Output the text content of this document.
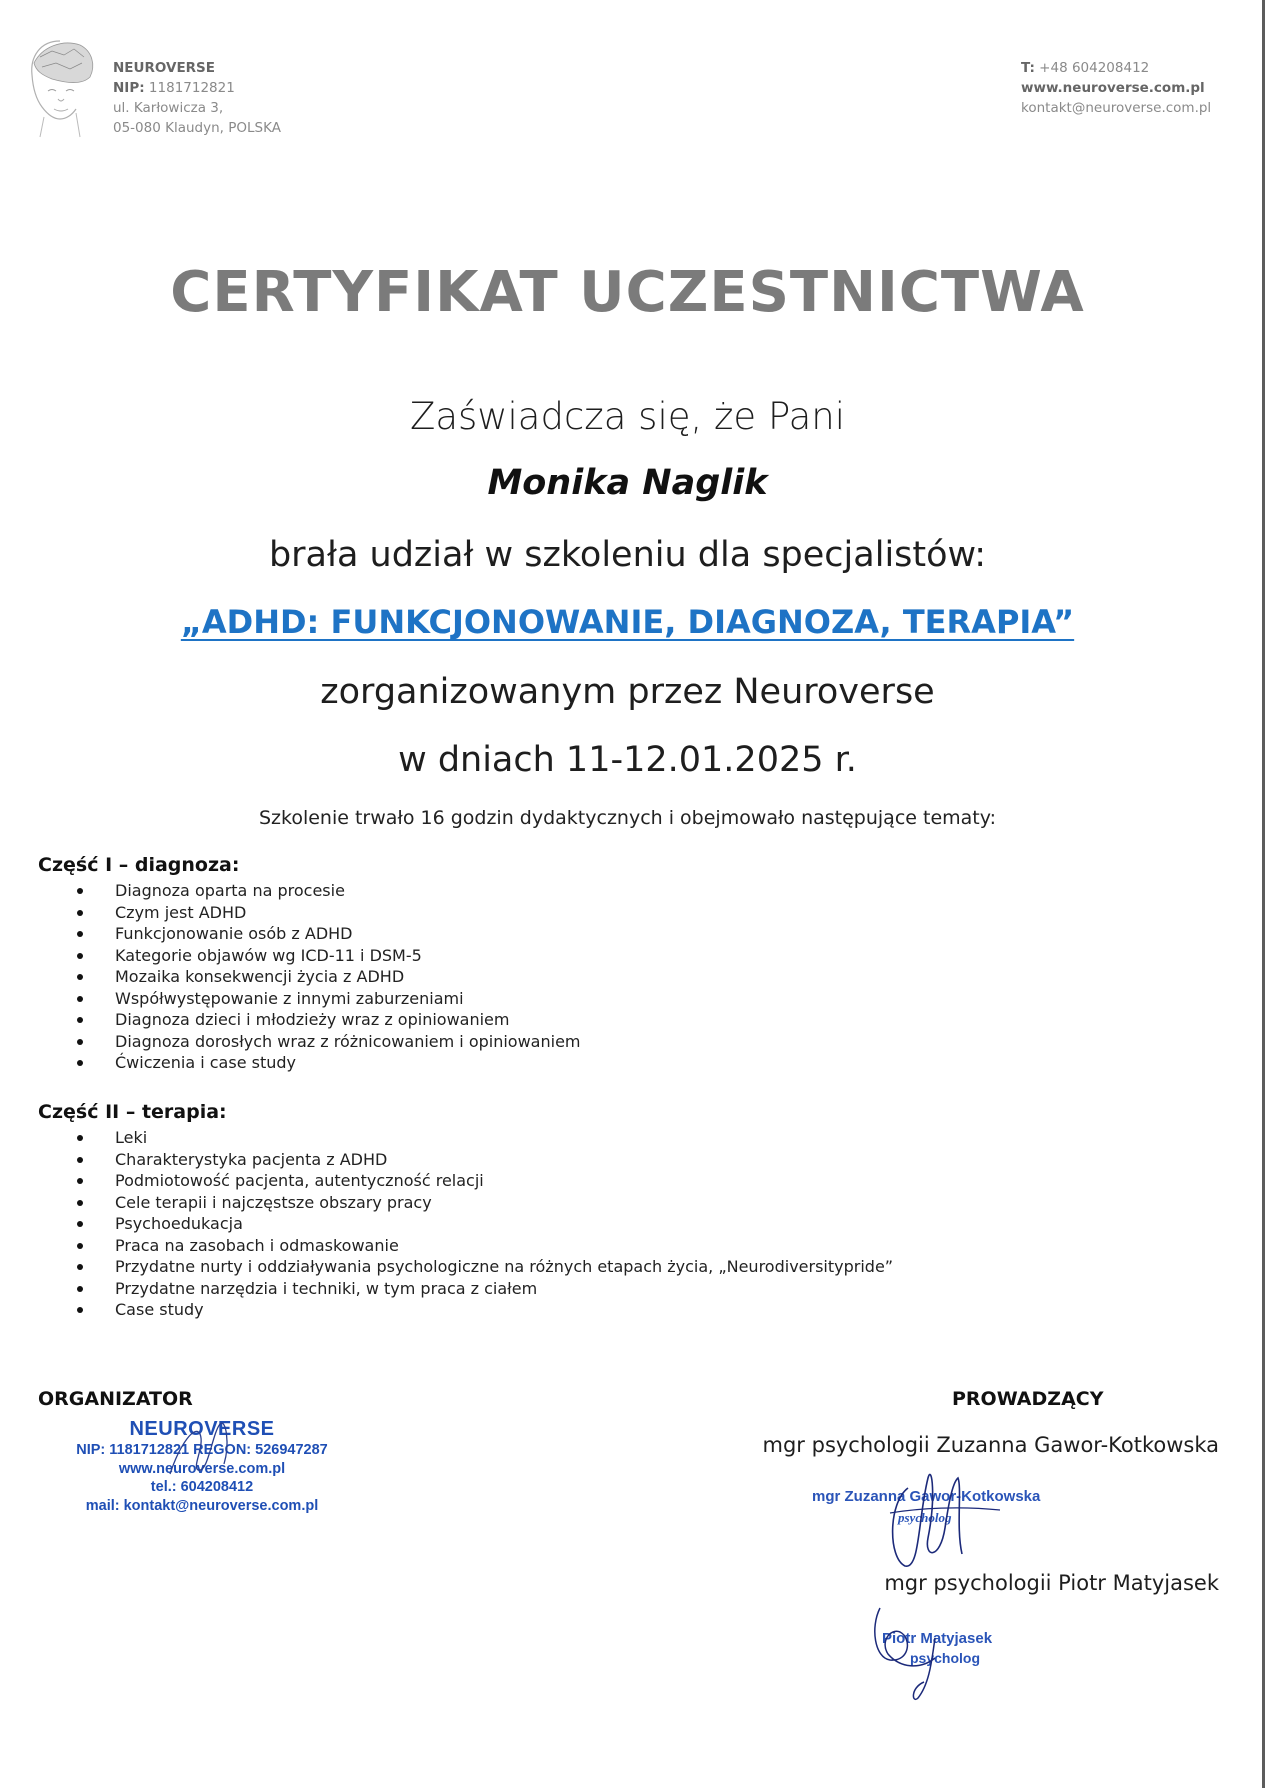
NEUROVERSE
NIP: 1181712821
ul. Karłowicza 3,
05-080 Klaudyn, POLSKA
T: +48 604208412
www.neuroverse.com.pl
kontakt@neuroverse.com.pl
CERTYFIKAT UCZESTNICTWA
Zaświadcza się, że Pani
Monika Naglik
brała udział w szkoleniu dla specjalistów:
„ADHD: FUNKCJONOWANIE, DIAGNOZA, TERAPIA”
zorganizowanym przez Neuroverse
w dniach 11-12.01.2025 r.
Szkolenie trwało 16 godzin dydaktycznych i obejmowało następujące tematy:
Część I – diagnoza:
Diagnoza oparta na procesie
Czym jest ADHD
Funkcjonowanie osób z ADHD
Kategorie objawów wg ICD-11 i DSM-5
Mozaika konsekwencji życia z ADHD
Współwystępowanie z innymi zaburzeniami
Diagnoza dzieci i młodzieży wraz z opiniowaniem
Diagnoza dorosłych wraz z różnicowaniem i opiniowaniem
Ćwiczenia i case study
Część II – terapia:
Leki
Charakterystyka pacjenta z ADHD
Podmiotowość pacjenta, autentyczność relacji
Cele terapii i najczęstsze obszary pracy
Psychoedukacja
Praca na zasobach i odmaskowanie
Przydatne nurty i oddziaływania psychologiczne na różnych etapach życia, „Neurodiversitypride”
Przydatne narzędzia i techniki, w tym praca z ciałem
Case study
ORGANIZATOR	PROWADZĄCY
NEUROVERSE
NIP: 1181712821 REGON: 526947287
www.neuroverse.com.pl
tel.: 604208412
mail: kontakt@neuroverse.com.pl
mgr psychologii Zuzanna Gawor-Kotkowska
mgr Zuzanna Gawor-Kotkowska
psycholog
mgr psychologii Piotr Matyjasek
Piotr Matyjasek
psycholog
